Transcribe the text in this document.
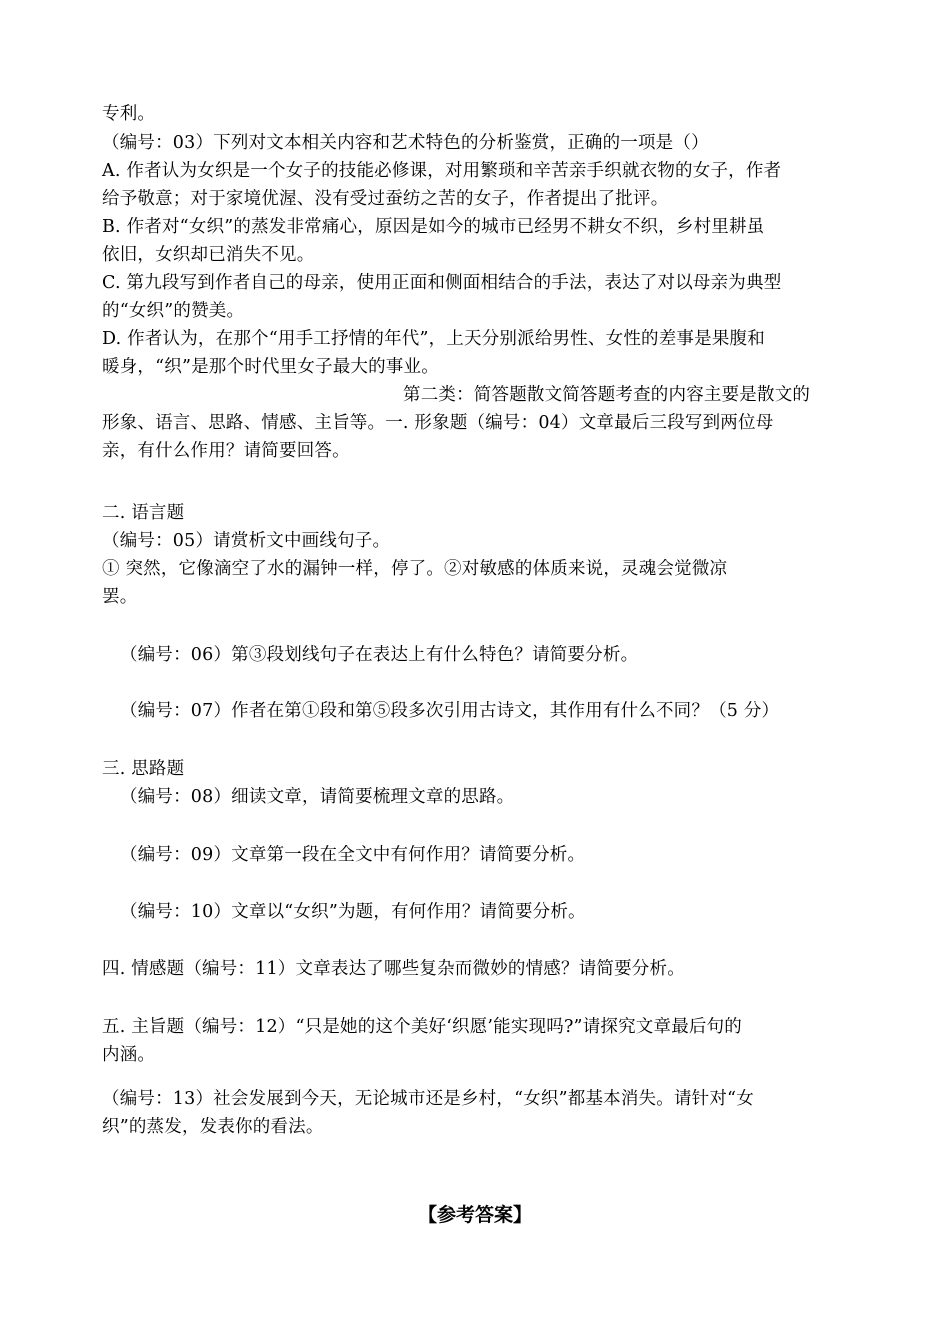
专利。
（编号：03）下列对文本相关内容和艺术特色的分析鉴赏，正确的一项是（）
A. 作者认为女织是一个女子的技能必修课，对用繁琐和辛苦亲手织就衣物的女子，作者
给予敬意；对于家境优渥、没有受过蚕纺之苦的女子，作者提出了批评。
B. 作者对“女织”的蒸发非常痛心，原因是如今的城市已经男不耕女不织，乡村里耕虽
依旧，女织却已消失不见。
C. 第九段写到作者自己的母亲，使用正面和侧面相结合的手法，表达了对以母亲为典型
的“女织”的赞美。
D. 作者认为，在那个“用手工抒情的年代”，上天分别派给男性、女性的差事是果腹和
暖身，“织”是那个时代里女子最大的事业。
第二类：简答题散文简答题考查的内容主要是散文的
形象、语言、思路、情感、主旨等。一. 形象题（编号：04）文章最后三段写到两位母
亲，有什么作用？请简要回答。
二. 语言题
（编号：05）请赏析文中画线句子。
① 突然，它像滴空了水的漏钟一样，停了。②对敏感的体质来说，灵魂会觉微凉
罢。
（编号：06）第③段划线句子在表达上有什么特色？请简要分析。
（编号：07）作者在第①段和第⑤段多次引用古诗文，其作用有什么不同？（5 分）
三. 思路题
（编号：08）细读文章，请简要梳理文章的思路。
（编号：09）文章第一段在全文中有何作用？请简要分析。
（编号：10）文章以“女织”为题，有何作用？请简要分析。
四. 情感题（编号：11）文章表达了哪些复杂而微妙的情感？请简要分析。
五. 主旨题（编号：12）“只是她的这个美好‘织愿’能实现吗?”请探究文章最后句的
内涵。
（编号：13）社会发展到今天，无论城市还是乡村，“女织”都基本消失。请针对“女
织”的蒸发，发表你的看法。
【参考答案】
